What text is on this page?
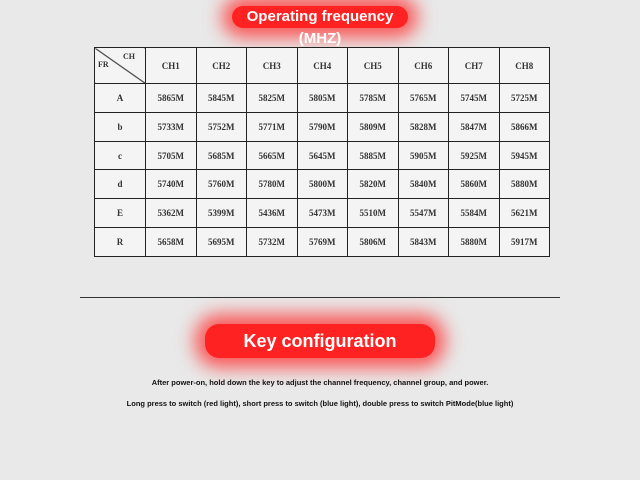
Operating frequency (MHZ)
CH
FR	CH1	CH2	CH3	CH4	CH5	CH6	CH7	CH8
A	5865M	5845M	5825M	5805M	5785M	5765M	5745M	5725M
b	5733M	5752M	5771M	5790M	5809M	5828M	5847M	5866M
c	5705M	5685M	5665M	5645M	5885M	5905M	5925M	5945M
d	5740M	5760M	5780M	5800M	5820M	5840M	5860M	5880M
E	5362M	5399M	5436M	5473M	5510M	5547M	5584M	5621M
R	5658M	5695M	5732M	5769M	5806M	5843M	5880M	5917M
Key configuration
After power-on, hold down the key to adjust the channel frequency, channel group, and power.
Long press to switch (red light), short press to switch (blue light), double press to switch PitMode(blue light)
